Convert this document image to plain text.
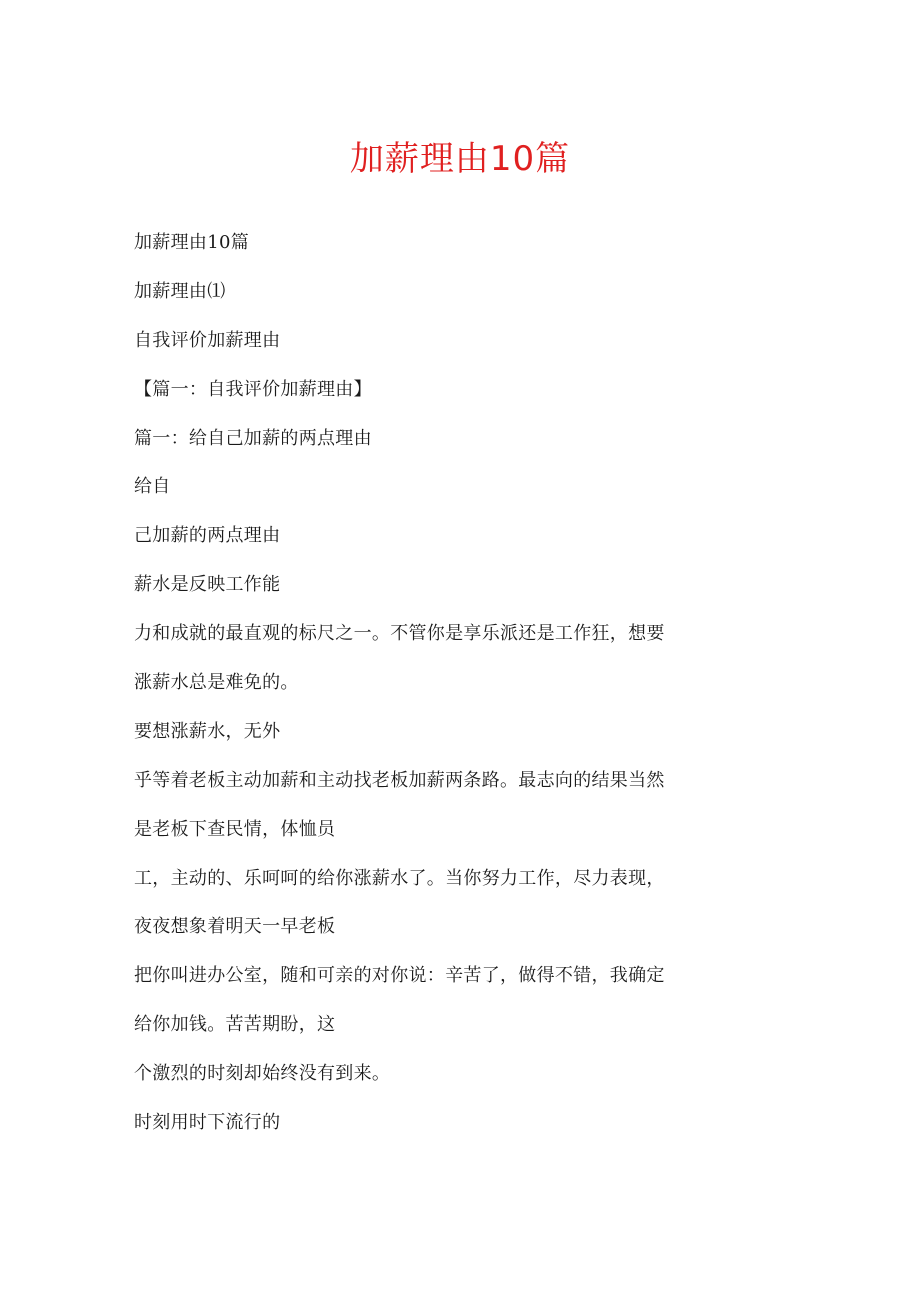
加薪理由10篇

加薪理由10篇

加薪理由⑴

自我评价加薪理由

【篇一：自我评价加薪理由】

篇一：给自己加薪的两点理由

给自

己加薪的两点理由

薪水是反映工作能

力和成就的最直观的标尺之一。不管你是享乐派还是工作狂，想要

涨薪水总是难免的。

要想涨薪水，无外

乎等着老板主动加薪和主动找老板加薪两条路。最志向的结果当然

是老板下查民情，体恤员

工，主动的、乐呵呵的给你涨薪水了。当你努力工作，尽力表现，

夜夜想象着明天一早老板

把你叫进办公室，随和可亲的对你说：辛苦了，做得不错，我确定

给你加钱。苦苦期盼，这

个激烈的时刻却始终没有到来。

时刻用时下流行的
